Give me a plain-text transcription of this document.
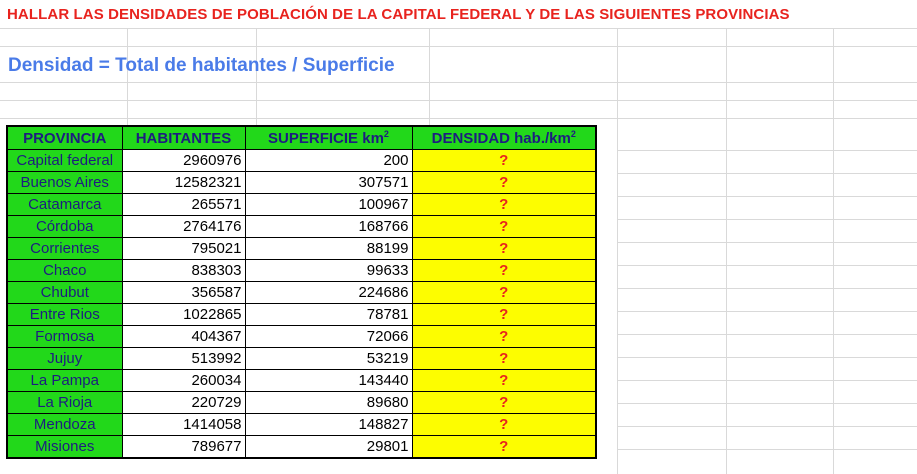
HALLAR LAS DENSIDADES DE POBLACIÓN DE LA CAPITAL FEDERAL Y DE LAS SIGUIENTES PROVINCIAS
Densidad = Total de habitantes / Superficie
PROVINCIA	HABITANTES	SUPERFICIE $km^2$	DENSIDAD $hab./km^2$
Capital federal	2960976	200	?
Buenos Aires	12582321	307571	?
Catamarca	265571	100967	?
Córdoba	2764176	168766	?
Corrientes	795021	88199	?
Chaco	838303	99633	?
Chubut	356587	224686	?
Entre Rios	1022865	78781	?
Formosa	404367	72066	?
Jujuy	513992	53219	?
La Pampa	260034	143440	?
La Rioja	220729	89680	?
Mendoza	1414058	148827	?
Misiones	789677	29801	?
